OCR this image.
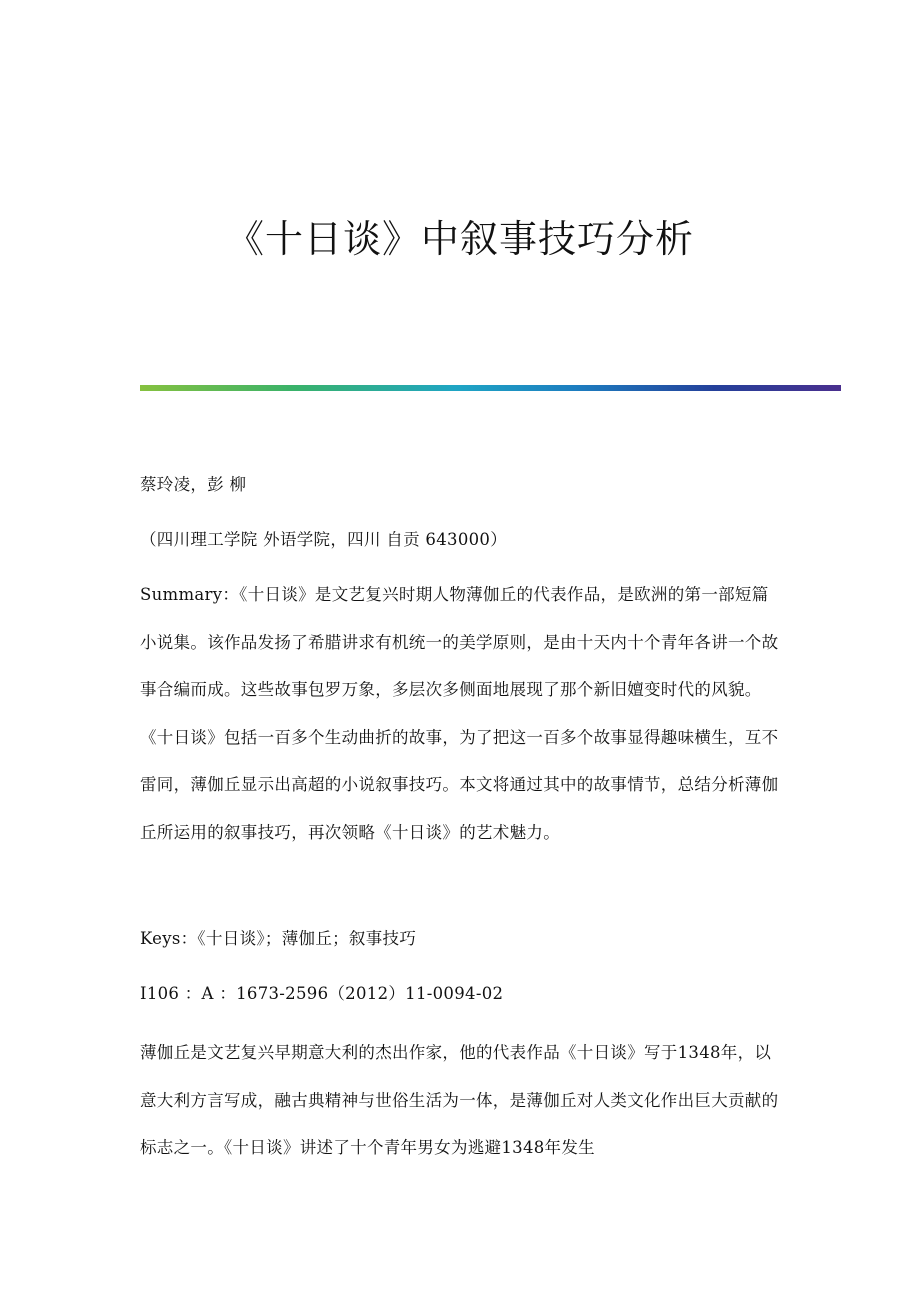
《十日谈》中叙事技巧分析

蔡玲凌，彭 柳

（四川理工学院 外语学院，四川 自贡 643000）

Summary：《十日谈》是文艺复兴时期人物薄伽丘的代表作品，是欧洲的第一部短篇小说集。该作品发扬了希腊讲求有机统一的美学原则，是由十天内十个青年各讲一个故事合编而成。这些故事包罗万象，多层次多侧面地展现了那个新旧嬗变时代的风貌。《十日谈》包括一百多个生动曲折的故事，为了把这一百多个故事显得趣味横生，互不雷同，薄伽丘显示出高超的小说叙事技巧。本文将通过其中的故事情节，总结分析薄伽丘所运用的叙事技巧，再次领略《十日谈》的艺术魅力。

Keys：《十日谈》；薄伽丘；叙事技巧

I106 ：A ：1673-2596（2012）11-0094-02

薄伽丘是文艺复兴早期意大利的杰出作家，他的代表作品《十日谈》写于1348年，以意大利方言写成，融古典精神与世俗生活为一体，是薄伽丘对人类文化作出巨大贡献的标志之一。《十日谈》讲述了十个青年男女为逃避1348年发生
